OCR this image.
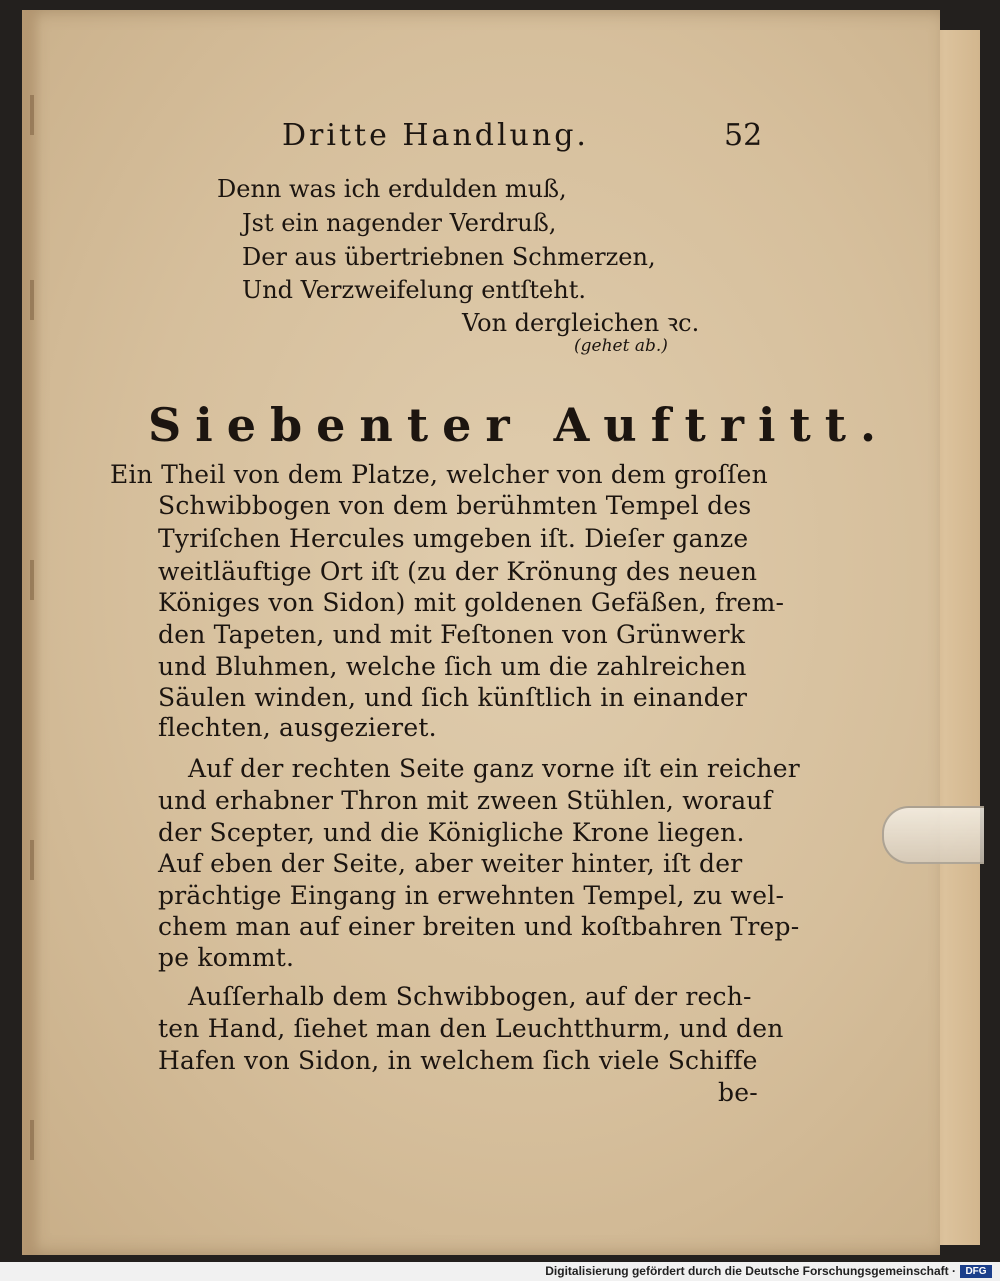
Dritte Handlung.	52
Denn was ich erdulden muß,
Jst ein nagender Verdruß,
Der aus übertriebnen Schmerzen,
Und Verzweifelung entſteht.
Von dergleichen ꝛc.
(gehet ab.)
Siebenter Auftritt.
Ein Theil von dem Platze, welcher von dem groſſen
Schwibbogen von dem berühmten Tempel des
Tyriſchen Hercules umgeben iſt. Dieſer ganze
weitläuftige Ort iſt (zu der Krönung des neuen
Königes von Sidon) mit goldenen Gefäßen, frem-
den Tapeten, und mit Feſtonen von Grünwerk
und Bluhmen, welche ſich um die zahlreichen
Säulen winden, und ſich künſtlich in einander
flechten, ausgezieret.
Auf der rechten Seite ganz vorne iſt ein reicher
und erhabner Thron mit zween Stühlen, worauf
der Scepter, und die Königliche Krone liegen.
Auf eben der Seite, aber weiter hinter, iſt der
prächtige Eingang in erwehnten Tempel, zu wel-
chem man auf einer breiten und koſtbahren Trep-
pe kommt.
Auſſerhalb dem Schwibbogen, auf der rech-
ten Hand, ſiehet man den Leuchtthurm, und den
Hafen von Sidon, in welchem ſich viele Schiffe
be-
Digitalisierung gefördert durch die Deutsche Forschungsgemeinschaft · DFG
